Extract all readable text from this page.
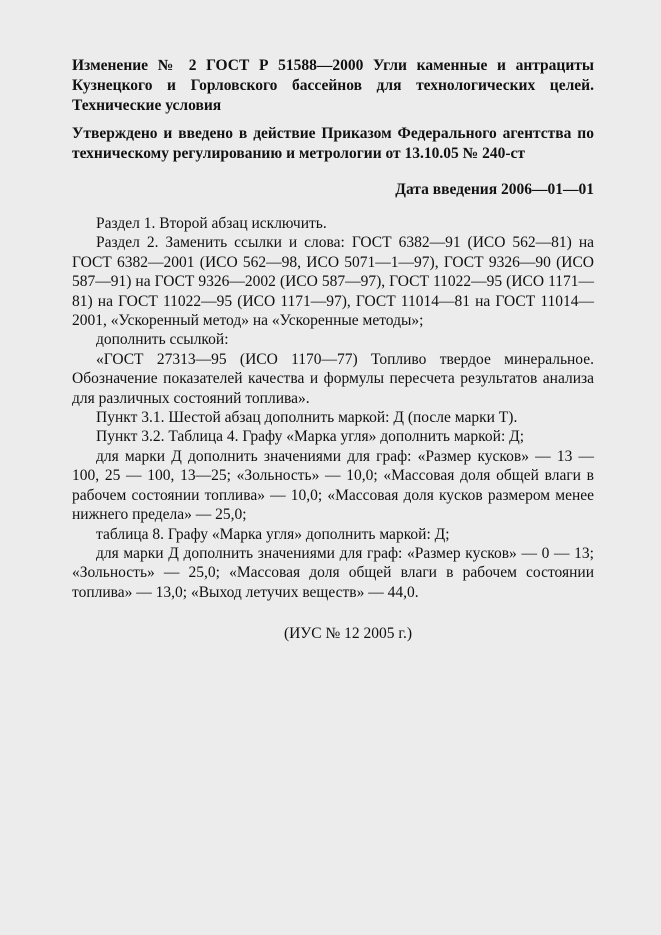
Изменение № 2 ГОСТ Р 51588—2000 Угли каменные и антрациты Кузнецкого и Горловского бассейнов для технологических целей. Технические условия

Утверждено и введено в действие Приказом Федерального агентства по техническому регулированию и метрологии от 13.10.05 № 240-ст

Дата введения 2006—01—01

Раздел 1. Второй абзац исключить.

Раздел 2. Заменить ссылки и слова: ГОСТ 6382—91 (ИСО 562—81) на ГОСТ 6382—2001 (ИСО 562—98, ИСО 5071—1—97), ГОСТ 9326—90 (ИСО 587—91) на ГОСТ 9326—2002 (ИСО 587—97), ГОСТ 11022—95 (ИСО 1171—81) на ГОСТ 11022—95 (ИСО 1171—97), ГОСТ 11014—81 на ГОСТ 11014—2001, «Ускоренный метод» на «Ускоренные методы»;

дополнить ссылкой:

«ГОСТ 27313—95 (ИСО 1170—77) Топливо твердое минеральное. Обозначение показателей качества и формулы пересчета результатов анализа для различных состояний топлива».

Пункт 3.1. Шестой абзац дополнить маркой: Д (после марки Т).

Пункт 3.2. Таблица 4. Графу «Марка угля» дополнить маркой: Д;

для марки Д дополнить значениями для граф: «Размер кусков» — 13 — 100, 25 — 100, 13—25; «Зольность» — 10,0; «Массовая доля общей влаги в рабочем состоянии топлива» — 10,0; «Массовая доля кусков размером менее нижнего предела» — 25,0;

таблица 8. Графу «Марка угля» дополнить маркой: Д;

для марки Д дополнить значениями для граф: «Размер кусков» — 0 — 13; «Зольность» — 25,0; «Массовая доля общей влаги в рабочем состоянии топлива» — 13,0; «Выход летучих веществ» — 44,0.

(ИУС № 12 2005 г.)
